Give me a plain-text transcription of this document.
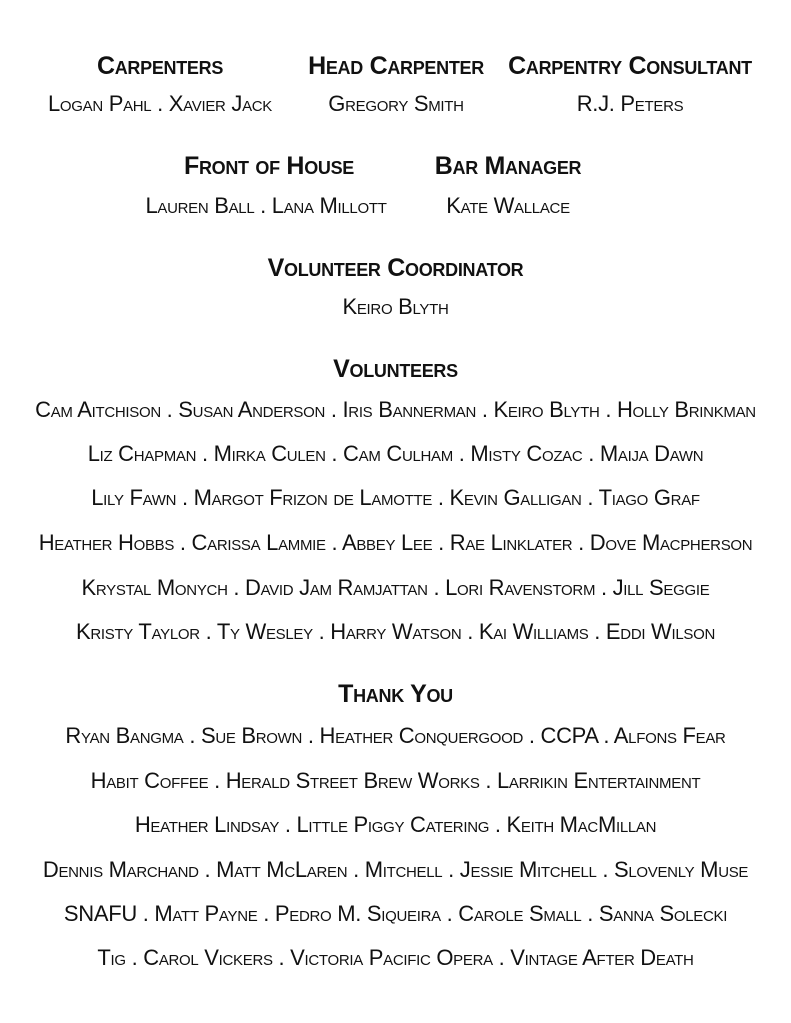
Carpenters
Logan Pahl . Xavier Jack
Head Carpenter
Gregory Smith
Carpentry Consultant
R.J. Peters
Front of House
Lauren Ball . Lana Millott
Bar Manager
Kate Wallace
Volunteer Coordinator
Keiro Blyth
Volunteers
Cam Aitchison . Susan Anderson . Iris Bannerman . Keiro Blyth . Holly Brinkman
Liz Chapman . Mirka Culen . Cam Culham . Misty Cozac . Maija Dawn
Lily Fawn . Margot Frizon de Lamotte . Kevin Galligan . Tiago Graf
Heather Hobbs . Carissa Lammie . Abbey Lee . Rae Linklater . Dove Macpherson
Krystal Monych . David Jam Ramjattan . Lori Ravenstorm . Jill Seggie
Kristy Taylor . Ty Wesley . Harry Watson . Kai Williams . Eddi Wilson
Thank You
Ryan Bangma . Sue Brown . Heather Conquergood . CCPA . Alfons Fear
Habit Coffee . Herald Street Brew Works . Larrikin Entertainment
Heather Lindsay . Little Piggy Catering . Keith MacMillan
Dennis Marchand . Matt McLaren . Mitchell . Jessie Mitchell . Slovenly Muse
SNAFU . Matt Payne . Pedro M. Siqueira . Carole Small . Sanna Solecki
Tig . Carol Vickers . Victoria Pacific Opera . Vintage After Death
